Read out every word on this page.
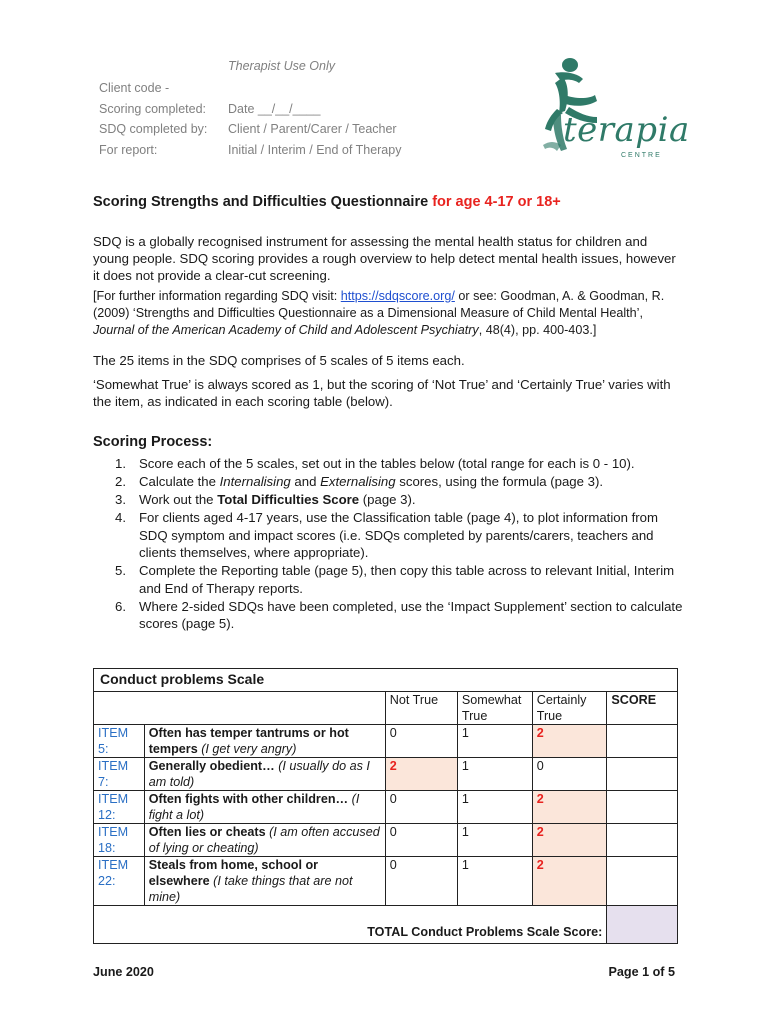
Therapist Use Only
Client code -
Scoring completed: Date __/__/____
SDQ completed by: Client / Parent/Carer / Teacher
For report:	Initial / Interim / End of Therapy	terapia
CENTRE
Scoring Strengths and Difficulties Questionnaire for age 4-17 or 18+

SDQ is a globally recognised instrument for assessing the mental health status for children and young people. SDQ scoring provides a rough overview to help detect mental health issues, however it does not provide a clear-cut screening.

[For further information regarding SDQ visit: https://sdqscore.org/ or see: Goodman, A. & Goodman, R. (2009) ‘Strengths and Difficulties Questionnaire as a Dimensional Measure of Child Mental Health’, Journal of the American Academy of Child and Adolescent Psychiatry, 48(4), pp. 400-403.]

The 25 items in the SDQ comprises of 5 scales of 5 items each.

‘Somewhat True’ is always scored as 1, but the scoring of ‘Not True’ and ‘Certainly True’ varies with the item, as indicated in each scoring table (below).

Scoring Process:
1. Score each of the 5 scales, set out in the tables below (total range for each is 0 - 10).
2. Calculate the Internalising and Externalising scores, using the formula (page 3).
3. Work out the Total Difficulties Score (page 3).
4. For clients aged 4-17 years, use the Classification table (page 4), to plot information from SDQ symptom and impact scores (i.e. SDQs completed by parents/carers, teachers and clients themselves, where appropriate).
5. Complete the Reporting table (page 5), then copy this table across to relevant Initial, Interim and End of Therapy reports.
6. Where 2-sided SDQs have been completed, use the ‘Impact Supplement’ section to calculate scores (page 5).
Conduct problems Scale					
		Not True	Somewhat True	Certainly True	SCORE
ITEM 5:	Often has temper tantrums or hot tempers (I get very angry)	0	1	2	
ITEM 7:	Generally obedient… (I usually do as I am told)	2	1	0	
ITEM 12:	Often fights with other children… (I fight a lot)	0	1	2	
ITEM 18:	Often lies or cheats (I am often accused of lying or cheating)	0	1	2	
ITEM 22:	Steals from home, school or elsewhere (I take things that are not mine)	0	1	2	
TOTAL Conduct Problems Scale Score:					
June 2020	Page 1 of 5
